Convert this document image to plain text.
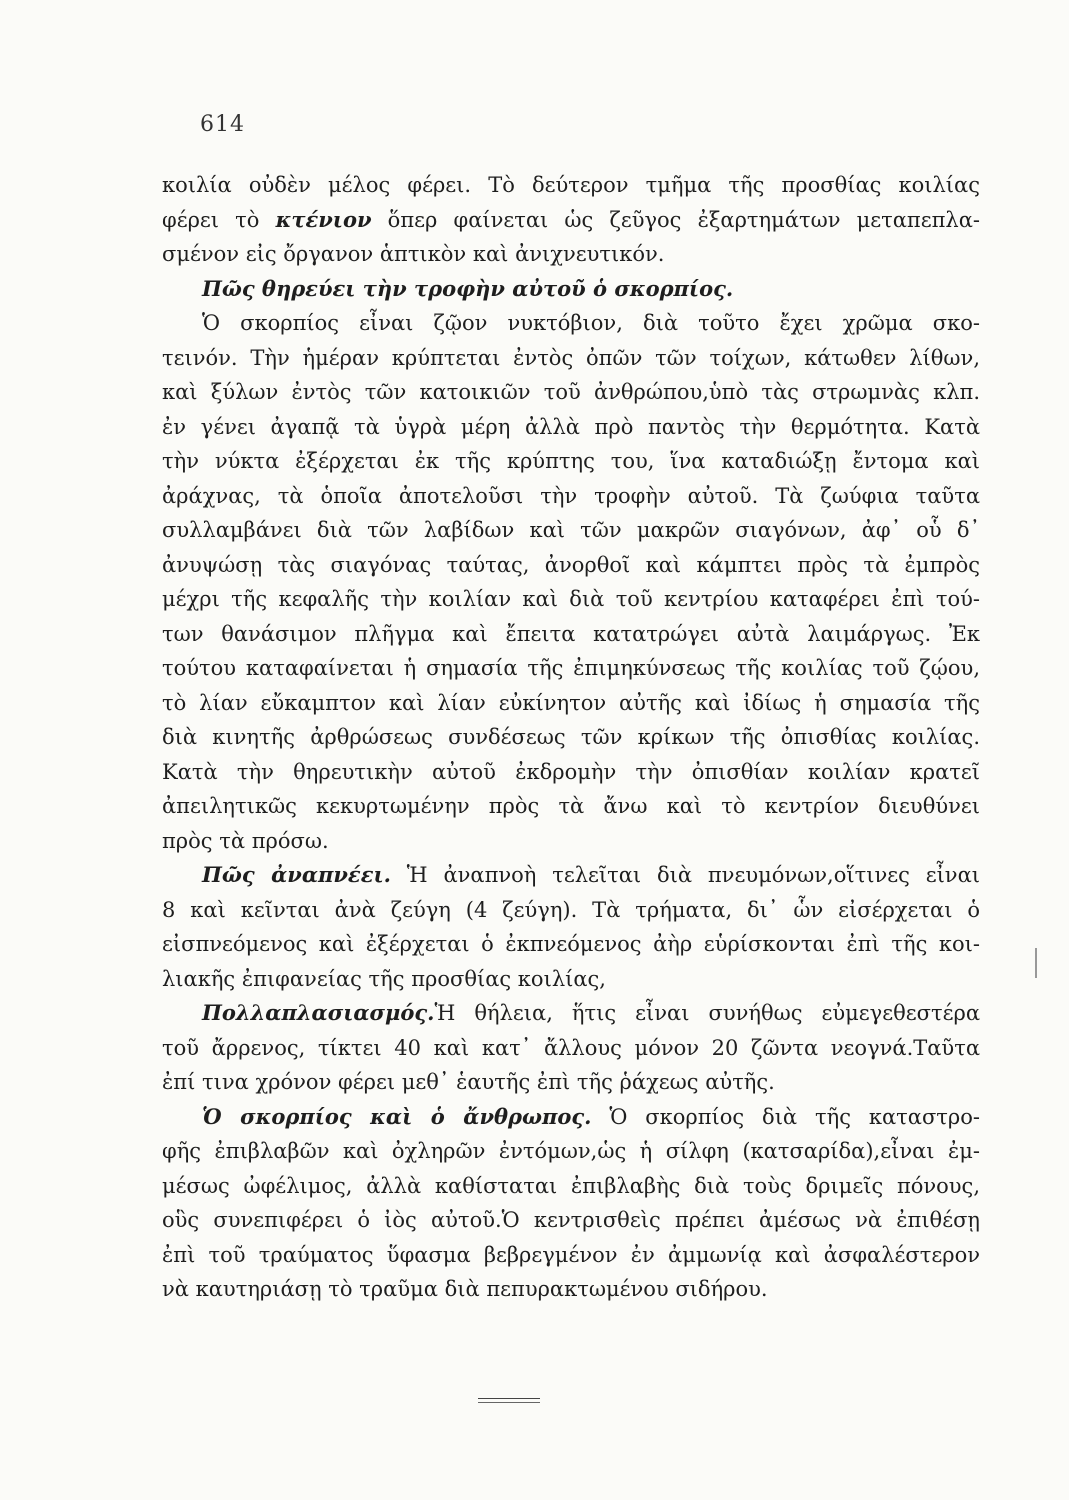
614
κοιλία οὐδὲν μέλος φέρει. Τὸ δεύτερον τμῆμα τῆς προσθίας κοιλίας
φέρει τὸ κτένιον ὅπερ φαίνεται ὡς ζεῦγος ἐξαρτημάτων μεταπεπλα-
σμένον εἰς ὄργανον ἁπτικὸν καὶ ἀνιχνευτικόν.
Πῶς θηρεύει τὴν τροφὴν αὐτοῦ ὁ σκορπίος.
Ὁ σκορπίος εἶναι ζῷον νυκτόβιον, διὰ τοῦτο ἔχει χρῶμα σκο-
τεινόν. Τὴν ἡμέραν κρύπτεται ἐντὸς ὀπῶν τῶν τοίχων, κάτωθεν λίθων,
καὶ ξύλων ἐντὸς τῶν κατοικιῶν τοῦ ἀνθρώπου,ὑπὸ τὰς στρωμνὰς κλπ.
ἐν γένει ἀγαπᾷ τὰ ὑγρὰ μέρη ἀλλὰ πρὸ παντὸς τὴν θερμότητα. Κατὰ
τὴν νύκτα ἐξέρχεται ἐκ τῆς κρύπτης του, ἵνα καταδιώξῃ ἔντομα καὶ
ἀράχνας, τὰ ὁποῖα ἀποτελοῦσι τὴν τροφὴν αὐτοῦ. Τὰ ζωύφια ταῦτα
συλλαμβάνει διὰ τῶν λαβίδων καὶ τῶν μακρῶν σιαγόνων, ἀφ᾽ οὗ δ᾽
ἀνυψώσῃ τὰς σιαγόνας ταύτας, ἀνορθοῖ καὶ κάμπτει πρὸς τὰ ἐμπρὸς
μέχρι τῆς κεφαλῆς τὴν κοιλίαν καὶ διὰ τοῦ κεντρίου καταφέρει ἐπὶ τού-
των θανάσιμον πλῆγμα καὶ ἔπειτα κατατρώγει αὐτὰ λαιμάργως. Ἐκ
τούτου καταφαίνεται ἡ σημασία τῆς ἐπιμηκύνσεως τῆς κοιλίας τοῦ ζῴου,
τὸ λίαν εὔκαμπτον καὶ λίαν εὐκίνητον αὐτῆς καὶ ἰδίως ἡ σημασία τῆς
διὰ κινητῆς ἀρθρώσεως συνδέσεως τῶν κρίκων τῆς ὀπισθίας κοιλίας.
Κατὰ τὴν θηρευτικὴν αὐτοῦ ἐκδρομὴν τὴν ὀπισθίαν κοιλίαν κρατεῖ
ἀπειλητικῶς κεκυρτωμένην πρὸς τὰ ἄνω καὶ τὸ κεντρίον διευθύνει
πρὸς τὰ πρόσω.
Πῶς ἀναπνέει. Ἡ ἀναπνοὴ τελεῖται διὰ πνευμόνων,οἵτινες εἶναι
8 καὶ κεῖνται ἀνὰ ζεύγη (4 ζεύγη). Τὰ τρήματα, δι᾽ ὧν εἰσέρχεται ὁ
εἰσπνεόμενος καὶ ἐξέρχεται ὁ ἐκπνεόμενος ἀὴρ εὑρίσκονται ἐπὶ τῆς κοι-
λιακῆς ἐπιφανείας τῆς προσθίας κοιλίας,
Πολλαπλασιασμός.Ἡ θήλεια, ἥτις εἶναι συνήθως εὐμεγεθεστέρα
τοῦ ἄρρενος, τίκτει 40 καὶ κατ᾽ ἄλλους μόνον 20 ζῶντα νεογνά.Ταῦτα
ἐπί τινα χρόνον φέρει μεθ᾽ ἑαυτῆς ἐπὶ τῆς ῥάχεως αὐτῆς.
Ὁ σκορπίος καὶ ὁ ἄνθρωπος. Ὁ σκορπίος διὰ τῆς καταστρο-
φῆς ἐπιβλαβῶν καὶ ὀχληρῶν ἐντόμων,ὡς ἡ σίλφη (κατσαρίδα),εἶναι ἐμ-
μέσως ὠφέλιμος, ἀλλὰ καθίσταται ἐπιβλαβὴς διὰ τοὺς δριμεῖς πόνους,
οὓς συνεπιφέρει ὁ ἰὸς αὐτοῦ.Ὁ κεντρισθεὶς πρέπει ἀμέσως νὰ ἐπιθέσῃ
ἐπὶ τοῦ τραύματος ὕφασμα βεβρεγμένον ἐν ἀμμωνίᾳ καὶ ἀσφαλέστερον
νὰ καυτηριάσῃ τὸ τραῦμα διὰ πεπυρακτωμένου σιδήρου.
